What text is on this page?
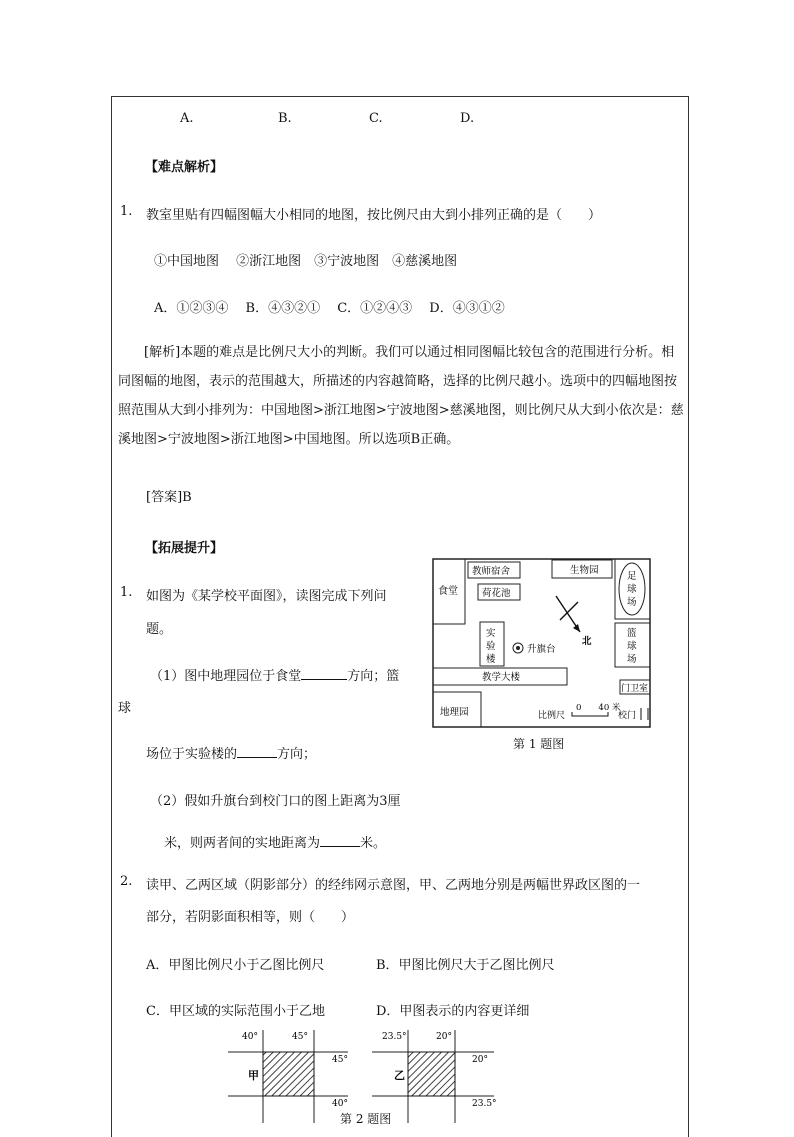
A.	B.	C.	D.
【难点解析】
1. 教室里贴有四幅图幅大小相同的地图，按比例尺由大到小排列正确的是（　　）
①中国地图　 ②浙江地图　③宁波地图　④慈溪地图
A．①②③④　 B．④③②①　 C．①②④③　 D．④③①②
[解析]本题的难点是比例尺大小的判断。我们可以通过相同图幅比较包含的范围进行分析。相同图幅的地图，表示的范围越大，所描述的内容越简略，选择的比例尺越小。选项中的四幅地图按照范围从大到小排列为：中国地图>浙江地图>宁波地图>慈溪地图，则比例尺从大到小依次是：慈溪地图>宁波地图>浙江地图>中国地图。所以选项B正确。
[答案]B
【拓展提升】
1. 如图为《某学校平面图》，读图完成下列问
题。
（1）图中地理园位于食堂	方向；篮
球
场位于实验楼的	方向；
（2）假如升旗台到校门口的图上距离为3厘
米，则两者间的实地距离为	米。
2. 读甲、乙两区域（阴影部分）的经纬网示意图，甲、乙两地分别是两幅世界政区图的一
部分，若阴影面积相等，则（　　）
A．甲图比例尺小于乙图比例尺	B．甲图比例尺大于乙图比例尺
C．甲区域的实际范围小于乙地	D．甲图表示的内容更详细
食堂
教师宿舍
荷花池
生物园
足
球
场
实
验
楼
升旗台
北
篮
球
场
教学大楼
门卫室
地理园	比例尺
0　　40 米
校门
第 1 题图
40°	45°
45°
40°
甲
23.5°	20°
20°
23.5°
乙
第 2 题图
